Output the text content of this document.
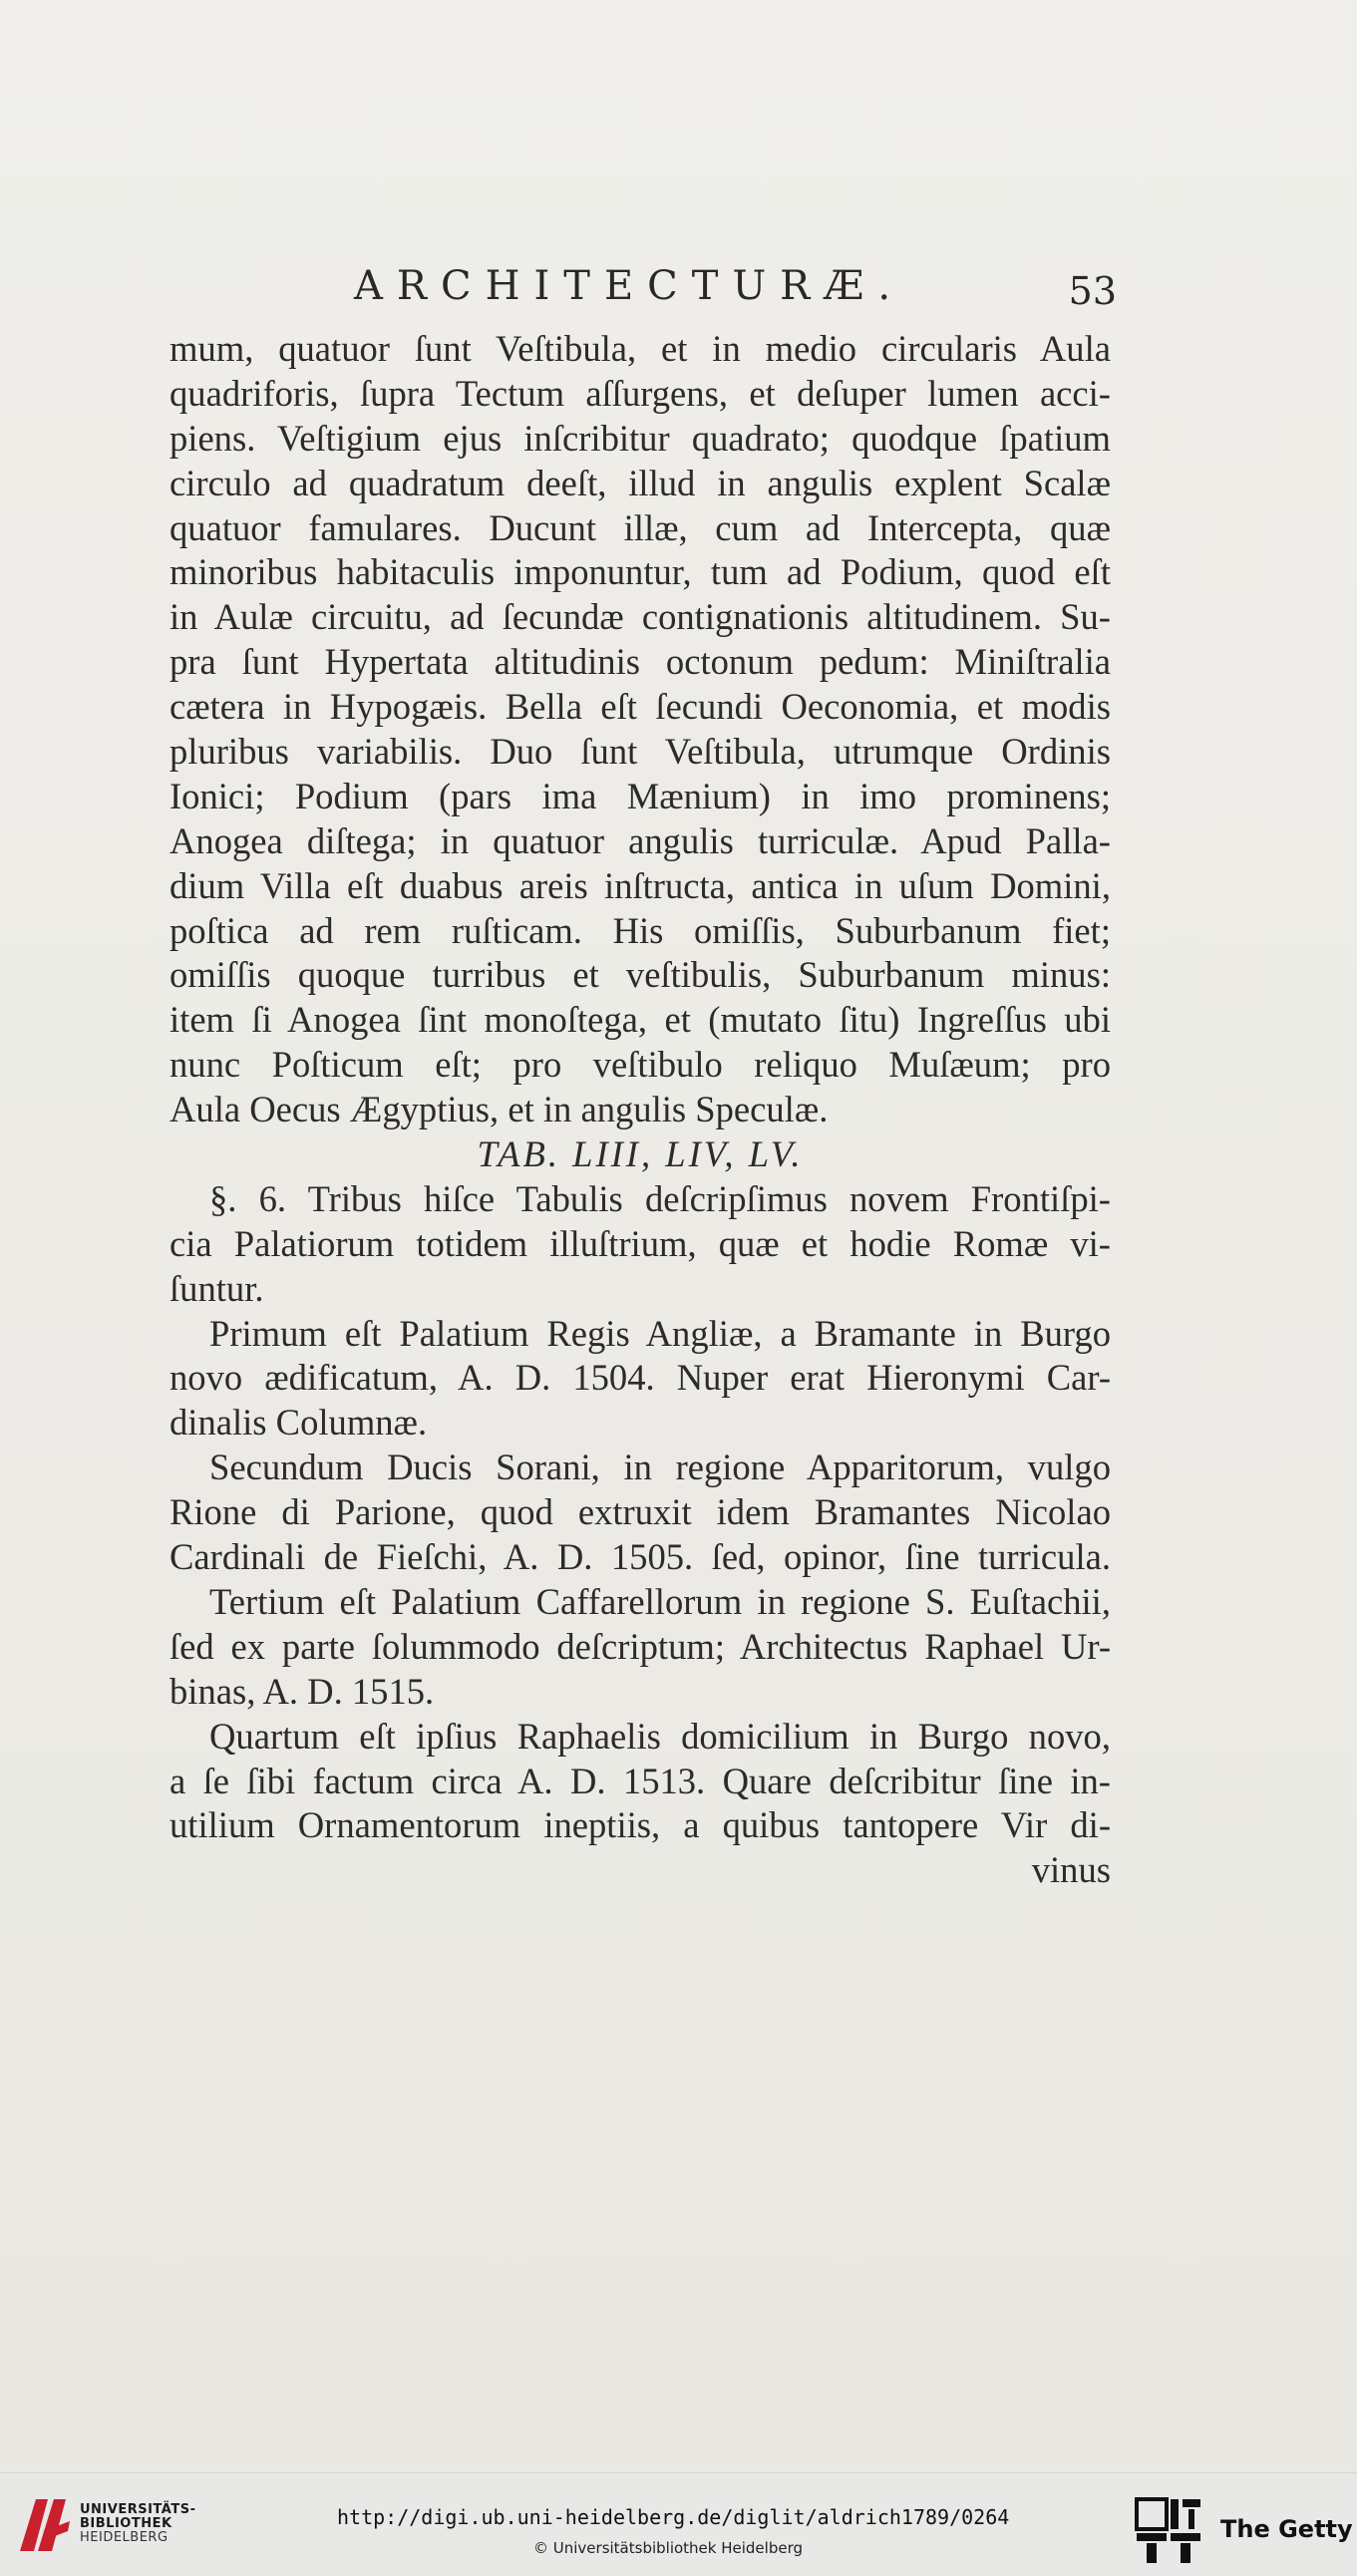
ARCHITECTURÆ.	53
mum, quatuor ſunt Veſtibula, et in medio circularis Aula
quadriforis, ſupra Tectum aſſurgens, et deſuper lumen acci-
piens. Veſtigium ejus inſcribitur quadrato; quodque ſpatium
circulo ad quadratum deeſt, illud in angulis explent Scalæ
quatuor famulares. Ducunt illæ, cum ad Intercepta, quæ
minoribus habitaculis imponuntur, tum ad Podium, quod eſt
in Aulæ circuitu, ad ſecundæ contignationis altitudinem. Su-
pra ſunt Hypertata altitudinis octonum pedum: Miniſtralia
cætera in Hypogæis. Bella eſt ſecundi Oeconomia, et modis
pluribus variabilis. Duo ſunt Veſtibula, utrumque Ordinis
Ionici; Podium (pars ima Mænium) in imo prominens;
Anogea diſtega; in quatuor angulis turriculæ. Apud Palla-
dium Villa eſt duabus areis inſtructa, antica in uſum Domini,
poſtica ad rem ruſticam. His omiſſis, Suburbanum fiet;
omiſſis quoque turribus et veſtibulis, Suburbanum minus:
item ſi Anogea ſint monoſtega, et (mutato ſitu) Ingreſſus ubi
nunc Poſticum eſt; pro veſtibulo reliquo Muſæum; pro
Aula Oecus Ægyptius, et in angulis Speculæ.
TAB. LIII, LIV, LV.
§. 6. Tribus hiſce Tabulis deſcripſimus novem Frontiſpi-
cia Palatiorum totidem illuſtrium, quæ et hodie Romæ vi-
ſuntur.
Primum eſt Palatium Regis Angliæ, a Bramante in Burgo
novo ædificatum, A. D. 1504. Nuper erat Hieronymi Car-
dinalis Columnæ.
Secundum Ducis Sorani, in regione Apparitorum, vulgo
Rione di Parione, quod extruxit idem Bramantes Nicolao
Cardinali de Fieſchi, A. D. 1505. ſed, opinor, ſine turricula.
Tertium eſt Palatium Caffarellorum in regione S. Euſtachii,
ſed ex parte ſolummodo deſcriptum; Architectus Raphael Ur-
binas, A. D. 1515.
Quartum eſt ipſius Raphaelis domicilium in Burgo novo,
a ſe ſibi factum circa A. D. 1513. Quare deſcribitur ſine in-
utilium Ornamentorum ineptiis, a quibus tantopere Vir di-
vinus
UNIVERSITÄTS-
BIBLIOTHEK
HEIDELBERG
http://digi.ub.uni-heidelberg.de/diglit/aldrich1789/0264
© Universitätsbibliothek Heidelberg
The Getty
